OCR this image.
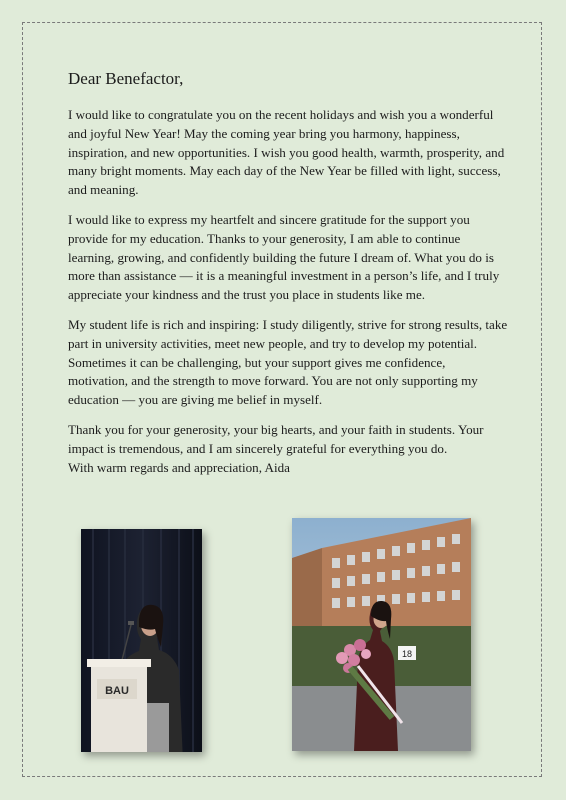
Dear Benefactor,

I would like to congratulate you on the recent holidays and wish you a wonderful and joyful New Year! May the coming year bring you harmony, happiness, inspiration, and new opportunities. I wish you good health, warmth, prosperity, and many bright moments. May each day of the New Year be filled with light, success, and meaning.

I would like to express my heartfelt and sincere gratitude for the support you provide for my education. Thanks to your generosity, I am able to continue learning, growing, and confidently building the future I dream of. What you do is more than assistance — it is a meaningful investment in a person’s life, and I truly appreciate your kindness and the trust you place in students like me.

My student life is rich and inspiring: I study diligently, strive for strong results, take part in university activities, meet new people, and try to develop my potential. Sometimes it can be challenging, but your support gives me confidence, motivation, and the strength to move forward. You are not only supporting my education — you are giving me belief in myself.

Thank you for your generosity, your big hearts, and your faith in students. Your impact is tremendous, and I am sincerely grateful for everything you do.

With warm regards and appreciation, Aida

BAU
18
